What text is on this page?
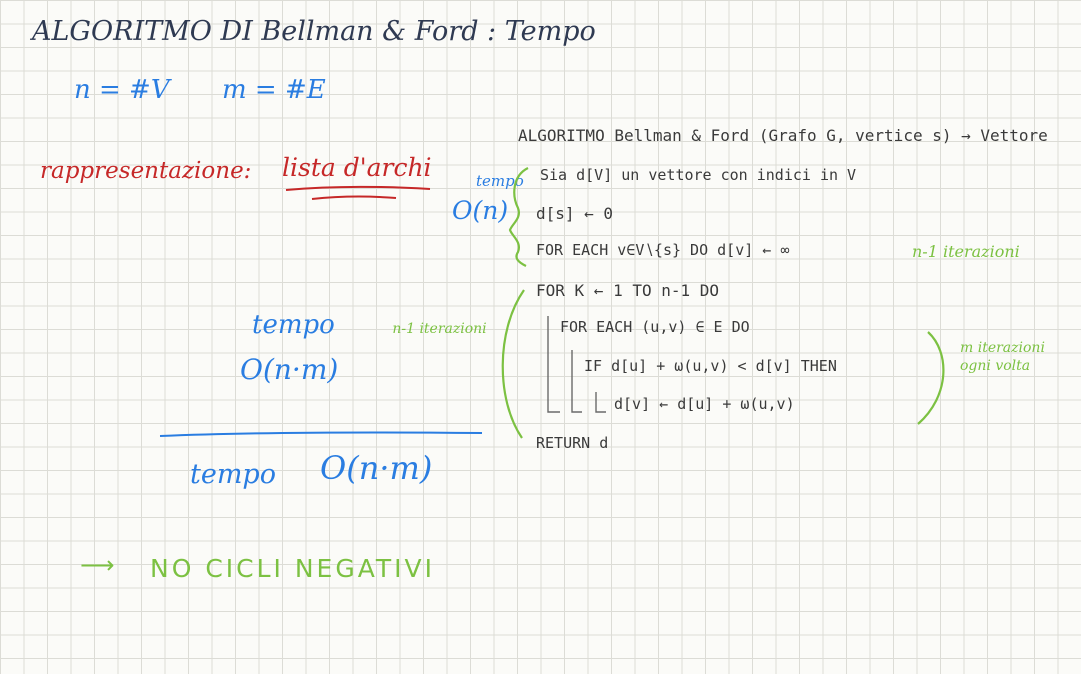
ALGORITMO DI Bellman & Ford : Tempo
n = #V m = #E
rappresentazione: lista d'archi
tempo
O(n·m)
n-1 iterazioni
tempo O(n·m)
⟶ NO CICLI NEGATIVI
tempo
O(n)
ALGORITMO Bellman & Ford (Grafo G, vertice s) → Vettore
Sia d[V] un vettore con indici in V
d[s] ← 0
FOR EACH v∈V∖{s} DO d[v] ← ∞	n-1 iterazioni
FOR K ← 1 TO n-1 DO
FOR EACH (u,v) ∈ E DO
IF d[u] + ω(u,v) < d[v] THEN
d[v] ← d[u] + ω(u,v)
RETURN d
m iterazioni ogni volta
